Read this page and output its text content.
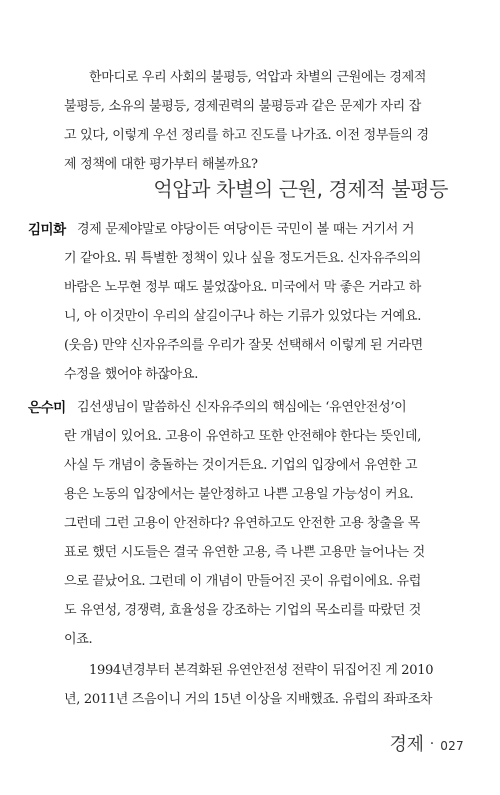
한마디로 우리 사회의 불평등, 억압과 차별의 근원에는 경제적
불평등, 소유의 불평등, 경제권력의 불평등과 같은 문제가 자리 잡
고 있다, 이렇게 우선 정리를 하고 진도를 나가죠. 이전 정부들의 경
제 정책에 대한 평가부터 해볼까요?
억압과 차별의 근원, 경제적 불평등
김미화 경제 문제야말로 야당이든 여당이든 국민이 볼 때는 거기서 거
기 같아요. 뭐 특별한 정책이 있나 싶을 정도거든요. 신자유주의의
바람은 노무현 정부 때도 불었잖아요. 미국에서 막 좋은 거라고 하
니, 아 이것만이 우리의 살길이구나 하는 기류가 있었다는 거예요.
(웃음) 만약 신자유주의를 우리가 잘못 선택해서 이렇게 된 거라면
수정을 했어야 하잖아요.
은수미 김선생님이 말씀하신 신자유주의의 핵심에는 ‘유연안전성’이
란 개념이 있어요. 고용이 유연하고 또한 안전해야 한다는 뜻인데,
사실 두 개념이 충돌하는 것이거든요. 기업의 입장에서 유연한 고
용은 노동의 입장에서는 불안정하고 나쁜 고용일 가능성이 커요.
그런데 그런 고용이 안전하다? 유연하고도 안전한 고용 창출을 목
표로 했던 시도들은 결국 유연한 고용, 즉 나쁜 고용만 늘어나는 것
으로 끝났어요. 그런데 이 개념이 만들어진 곳이 유럽이에요. 유럽
도 유연성, 경쟁력, 효율성을 강조하는 기업의 목소리를 따랐던 것
이죠.
1994년경부터 본격화된 유연안전성 전략이 뒤집어진 게 2010
년, 2011년 즈음이니 거의 15년 이상을 지배했죠. 유럽의 좌파조차
경제 · 027
